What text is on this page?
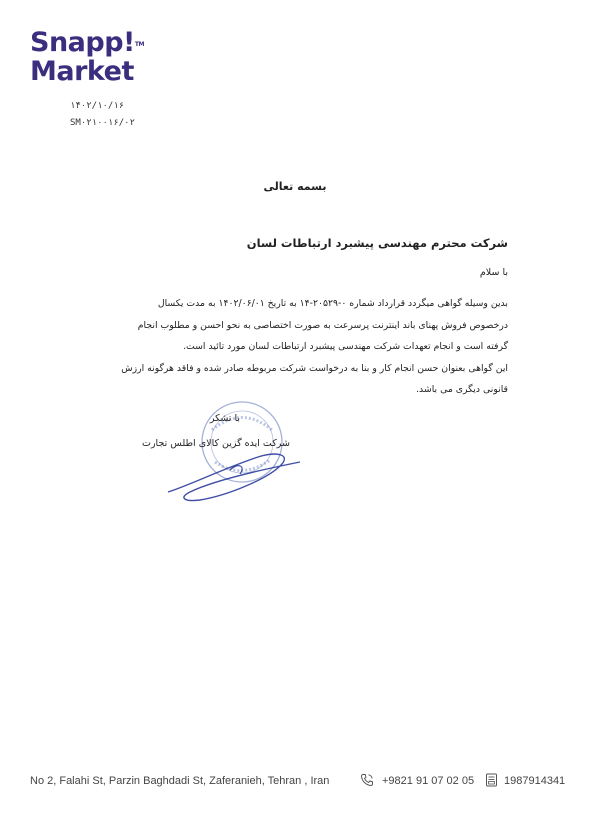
Snapp!™
Market
۱۴۰۲/۱۰/۱۶
SM۰۲۱۰۰۱۶/۰۲
بسمه تعالی
شرکت محترم مهندسی پیشبرد ارتباطات لسان
با سلام
بدین وسیله گواهی میگردد قرارداد شماره ۰-۲۰۵۲۹-۱۴ به تاریخ ۱۴۰۲/۰۶/۰۱ به مدت یکسال
درخصوص فروش پهنای باند اینترنت پرسرعت به صورت اختصاصی به نحو احسن و مطلوب انجام
گرفته است و انجام تعهدات شرکت مهندسی پیشبرد ارتباطات لسان مورد تائید است.
این گواهی بعنوان حسن انجام کار و بنا به درخواست شرکت مربوطه صادر شده و فاقد هرگونه ارزش
قانونی دیگری می باشد.
با تشکر
شرکت ایده گزین کالای اطلس تجارت
No 2, Falahi St, Parzin Baghdadi St, Zaferanieh, Tehran , Iran	+9821 91 07 02 05	1987914341
